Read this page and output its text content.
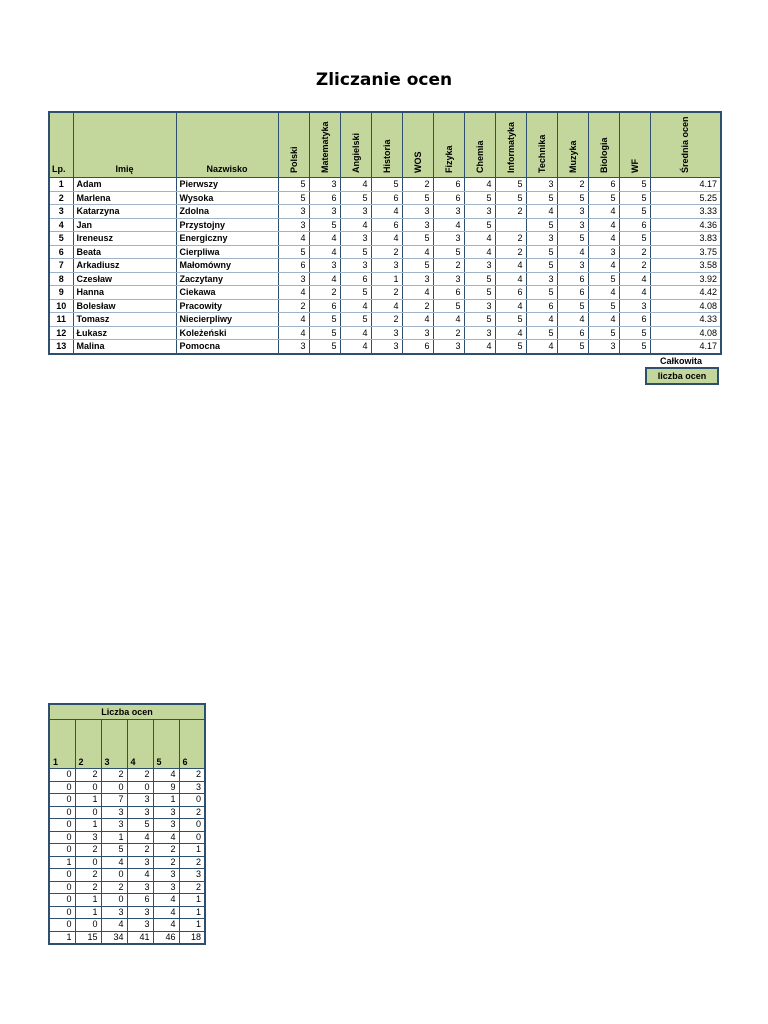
Zliczanie ocen
Lp.	Imię	Nazwisko	Polski	Matematyka	Angielski	Historia	WOS	Fizyka	Chemia	Informatyka	Technika	Muzyka	Biologia	WF	Średnia ocen

1	Adam	Pierwszy	5	3	4	5	2	6	4	5	3	2	6	5	4.17
2	Marlena	Wysoka	5	6	5	6	5	6	5	5	5	5	5	5	5.25
3	Katarzyna	Zdolna	3	3	3	4	3	3	3	2	4	3	4	5	3.33
4	Jan	Przystojny	3	5	4	6	3	4	5		5	3	4	6	4.36
5	Ireneusz	Energiczny	4	4	3	4	5	3	4	2	3	5	4	5	3.83
6	Beata	Cierpliwa	5	4	5	2	4	5	4	2	5	4	3	2	3.75
7	Arkadiusz	Małomówny	6	3	3	3	5	2	3	4	5	3	4	2	3.58
8	Czesław	Zaczytany	3	4	6	1	3	3	5	4	3	6	5	4	3.92
9	Hanna	Ciekawa	4	2	5	2	4	6	5	6	5	6	4	4	4.42
10	Bolesław	Pracowity	2	6	4	4	2	5	3	4	6	5	5	3	4.08
11	Tomasz	Niecierpliwy	4	5	5	2	4	4	5	5	4	4	4	6	4.33
12	Łukasz	Koleżeński	4	5	4	3	3	2	3	4	5	6	5	5	4.08
13	Malina	Pomocna	3	5	4	3	6	3	4	5	4	5	3	5	4.17
Całkowita
liczba ocen
Liczba ocen					
1	2	3	4	5	6
0	2	2	2	4	2
0	0	0	0	9	3
0	1	7	3	1	0
0	0	3	3	3	2
0	1	3	5	3	0
0	3	1	4	4	0
0	2	5	2	2	1
1	0	4	3	2	2
0	2	0	4	3	3
0	2	2	3	3	2
0	1	0	6	4	1
0	1	3	3	4	1
0	0	4	3	4	1
1	15	34	41	46	18
